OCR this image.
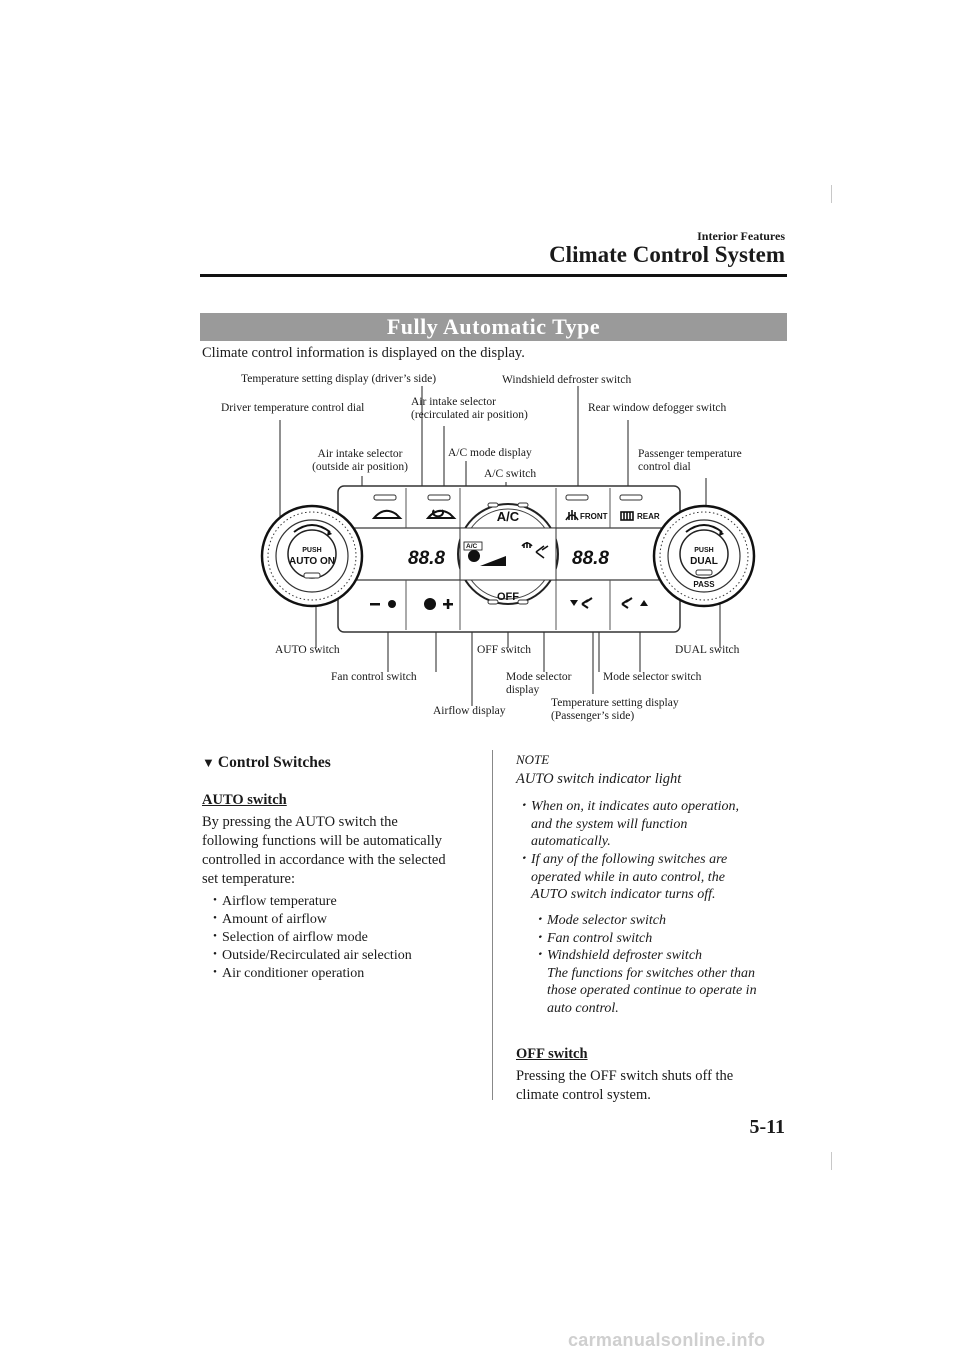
Interior Features
Climate Control System
Fully Automatic Type
Climate control information is displayed on the display.
PUSH
AUTO ON
PUSH
DUAL
PASS
A/C
OFF
FRONT	REAR
88.8	88.8
A/C
Temperature setting display (driver’s side)	Windshield defroster switch
Driver temperature control dial	Air intake selector
(recirculated air position)
Rear window defogger switch
Air intake selector
(outside air position)
A/C mode display	Passenger temperature
control dial
A/C switch
AUTO switch	OFF switch	DUAL switch
Fan control switch	Mode selector
display
Mode selector switch
Airflow display
Temperature setting display
(Passenger’s side)
▼ Control Switches
AUTO switch
By pressing the AUTO switch the
following functions will be automatically
controlled in accordance with the selected
set temperature:
・Airflow temperature
・Amount of airflow
・Selection of airflow mode
・Outside/Recirculated air selection
・Air conditioner operation
NOTE
AUTO switch indicator light
・ When on, it indicates auto operation,
and the system will function
automatically.
・ If any of the following switches are
operated while in auto control, the
AUTO switch indicator turns off.
・ Mode selector switch
・ Fan control switch
・ Windshield defroster switch
The functions for switches other than
those operated continue to operate in
auto control.
OFF switch
Pressing the OFF switch shuts off the
climate control system.
5-11
carmanualsonline.info
